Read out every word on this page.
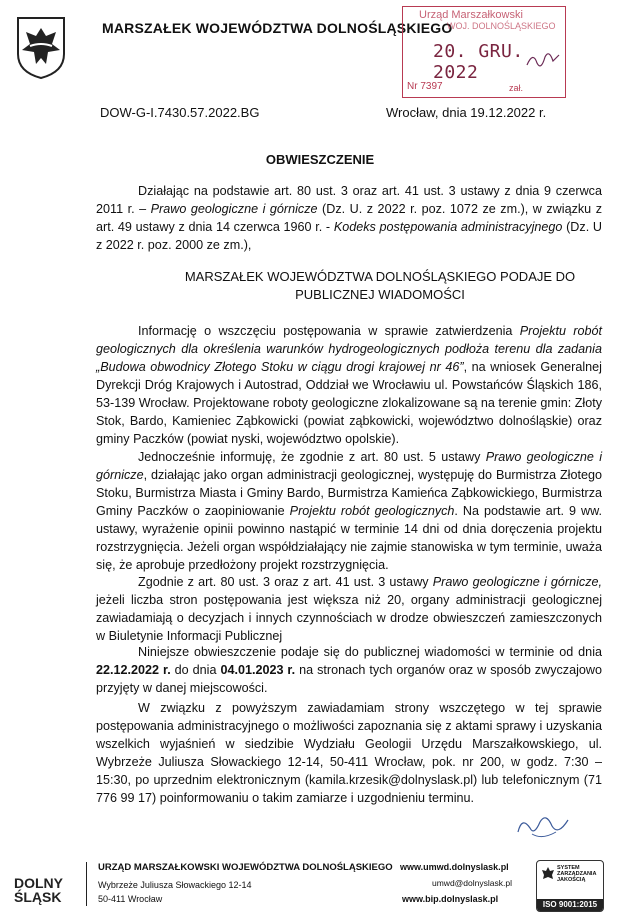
MARSZAŁEK WOJEWÓDZTWA DOLNOŚLĄSKIEGO
Urząd Marszałkowski
WOJ. DOLNOŚLĄSKIEGO
20. GRU. 2022
Nr 7397	zał.
DOW-G-I.7430.57.2022.BG	Wrocław, dnia 19.12.2022 r.
OBWIESZCZENIE
Działając na podstawie art. 80 ust. 3 oraz art. 41 ust. 3 ustawy z dnia 9 czerwca 2011 r. – Prawo geologiczne i górnicze (Dz. U. z 2022 r. poz. 1072 ze zm.), w związku z art. 49 ustawy z dnia 14 czerwca 1960 r. - Kodeks postępowania administracyjnego (Dz. U z 2022 r. poz. 2000 ze zm.),
MARSZAŁEK WOJEWÓDZTWA DOLNOŚLĄSKIEGO PODAJE DO PUBLICZNEJ WIADOMOŚCI
Informację o wszczęciu postępowania w sprawie zatwierdzenia Projektu robót geologicznych dla określenia warunków hydrogeologicznych podłoża terenu dla zadania „Budowa obwodnicy Złotego Stoku w ciągu drogi krajowej nr 46”, na wniosek Generalnej Dyrekcji Dróg Krajowych i Autostrad, Oddział we Wrocławiu ul. Powstańców Śląskich 186, 53-139 Wrocław. Projektowane roboty geologiczne zlokalizowane są na terenie gmin: Złoty Stok, Bardo, Kamieniec Ząbkowicki (powiat ząbkowicki, województwo dolnośląskie) oraz gminy Paczków (powiat nyski, województwo opolskie).
Jednocześnie informuję, że zgodnie z art. 80 ust. 5 ustawy Prawo geologiczne i górnicze, działając jako organ administracji geologicznej, występuję do Burmistrza Złotego Stoku, Burmistrza Miasta i Gminy Bardo, Burmistrza Kamieńca Ząbkowickiego, Burmistrza Gminy Paczków o zaopiniowanie Projektu robót geologicznych. Na podstawie art. 9 ww. ustawy, wyrażenie opinii powinno nastąpić w terminie 14 dni od dnia doręczenia projektu rozstrzygnięcia. Jeżeli organ współdziałający nie zajmie stanowiska w tym terminie, uważa się, że aprobuje przedłożony projekt rozstrzygnięcia.
Zgodnie z art. 80 ust. 3 oraz z art. 41 ust. 3 ustawy Prawo geologiczne i górnicze, jeżeli liczba stron postępowania jest większa niż 20, organy administracji geologicznej zawiadamiają o decyzjach i innych czynnościach w drodze obwieszczeń zamieszczonych w Biuletynie Informacji Publicznej
Niniejsze obwieszczenie podaje się do publicznej wiadomości w terminie od dnia 22.12.2022 r. do dnia 04.01.2023 r. na stronach tych organów oraz w sposób zwyczajowo przyjęty w danej miejscowości.
W związku z powyższym zawiadamiam strony wszczętego w tej sprawie postępowania administracyjnego o możliwości zapoznania się z aktami sprawy i uzyskania wszelkich wyjaśnień w siedzibie Wydziału Geologii Urzędu Marszałkowskiego, ul. Wybrzeże Juliusza Słowackiego 12-14, 50-411 Wrocław, pok. nr 200, w godz. 7:30 – 15:30, po uprzednim elektronicznym (kamila.krzesik@dolnyslask.pl) lub telefonicznym (71 776 99 17) poinformowaniu o takim zamiarze i uzgodnieniu terminu.
DOLNY
ŚLĄSK
URZĄD MARSZAŁKOWSKI WOJEWÓDZTWA DOLNOŚLĄSKIEGO
Wybrzeże Juliusza Słowackiego 12-14
50-411 Wrocław
www.umwd.dolnyslask.pl
umwd@dolnyslask.pl
www.bip.dolnyslask.pl
SYSTEM ZARZĄDZANIA JAKOŚCIĄ
ISO 9001:2015
